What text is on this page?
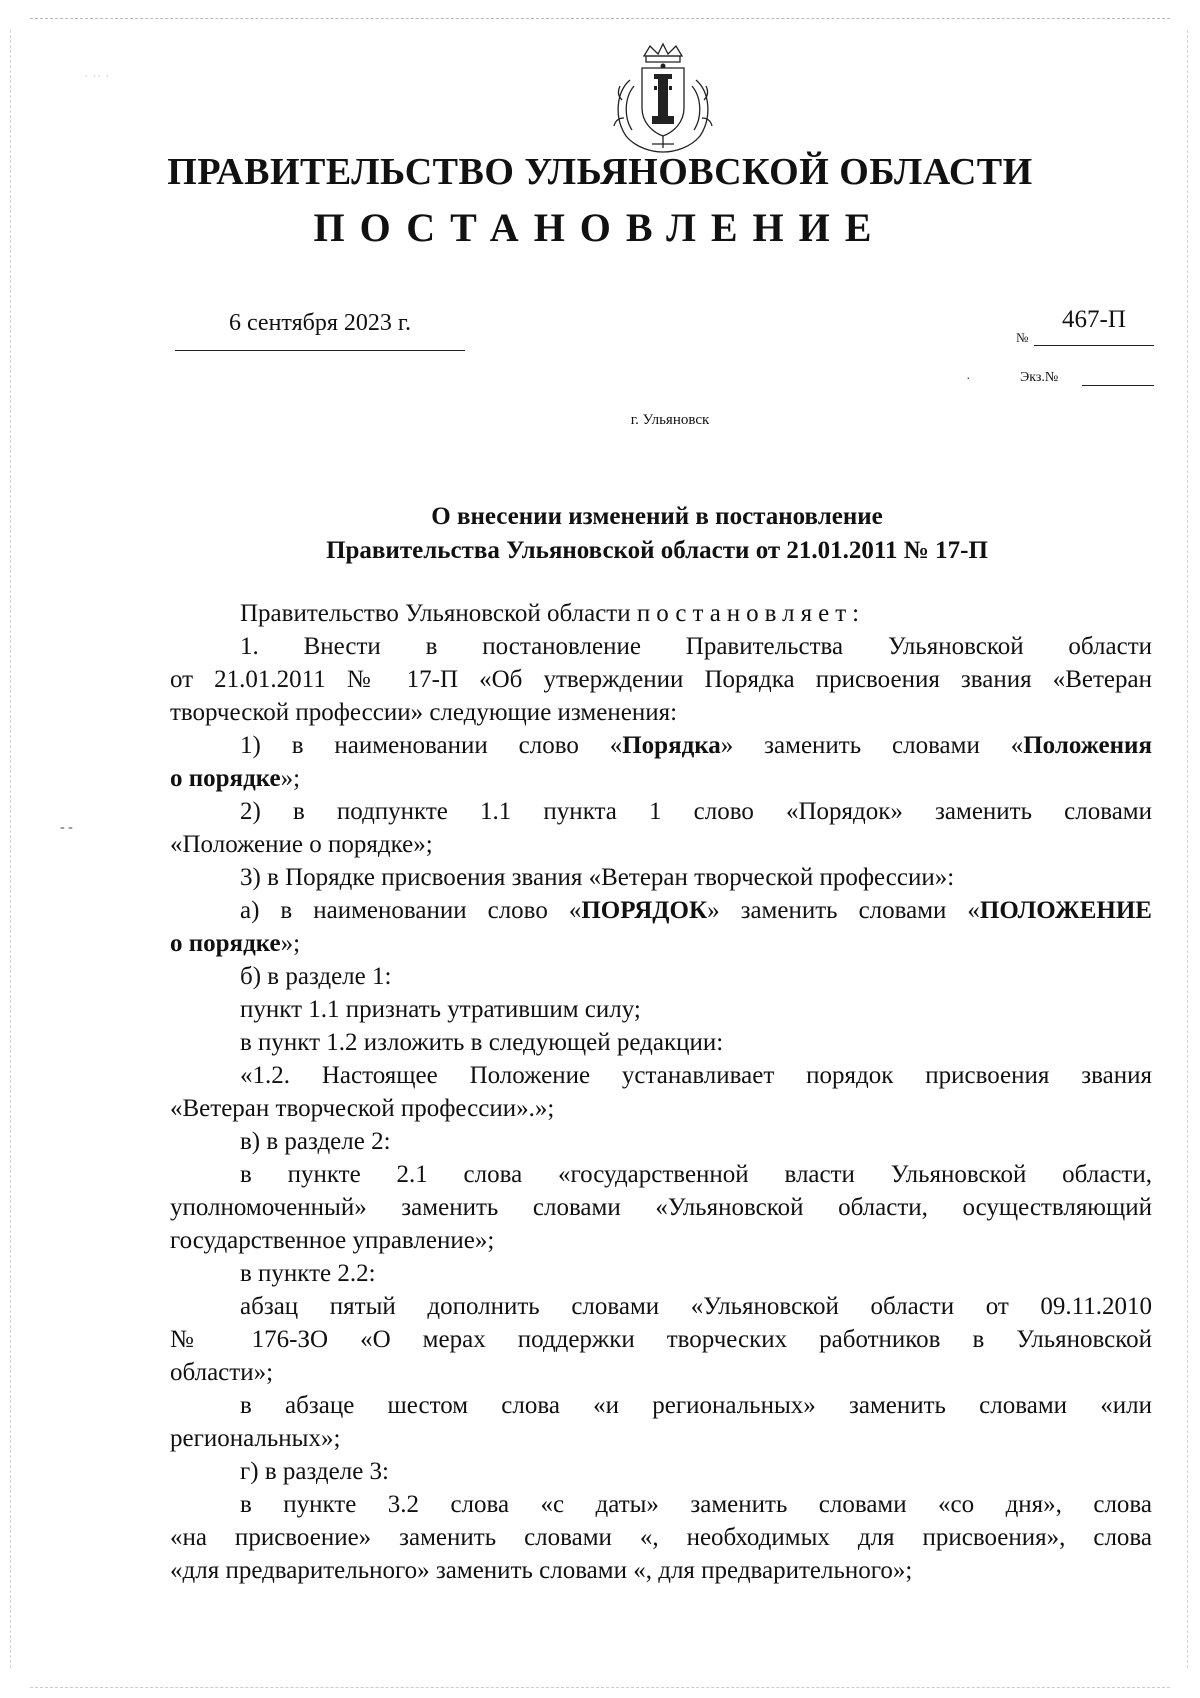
ПРАВИТЕЛЬСТВО УЛЬЯНОВСКОЙ ОБЛАСТИ
ПОСТАНОВЛЕНИЕ
6 сентября 2023 г.
№
467-П
Экз.№
г. Ульяновск
О внесении изменений в постановление
Правительства Ульяновской области от 21.01.2011 № 17-П

Правительство Ульяновской области постановляет:

1. Внести в постановление Правительства Ульяновской области

от 21.01.2011 № 17-П «Об утверждении Порядка присвоения звания «Ветеран

творческой профессии» следующие изменения:

1) в наименовании слово «Порядка» заменить словами «Положения

о порядке»;

2) в подпункте 1.1 пункта 1 слово «Порядок» заменить словами

«Положение о порядке»;

3) в Порядке присвоения звания «Ветеран творческой профессии»:

а) в наименовании слово «ПОРЯДОК» заменить словами «ПОЛОЖЕНИЕ

о порядке»;

б) в разделе 1:

пункт 1.1 признать утратившим силу;

в пункт 1.2 изложить в следующей редакции:

«1.2. Настоящее Положение устанавливает порядок присвоения звания

«Ветеран творческой профессии».»;

в) в разделе 2:

в пункте 2.1 слова «государственной власти Ульяновской области,

уполномоченный» заменить словами «Ульяновской области, осуществляющий

государственное управление»;

в пункте 2.2:

абзац пятый дополнить словами «Ульяновской области от 09.11.2010

№ 176-ЗО «О мерах поддержки творческих работников в Ульяновской

области»;

в абзаце шестом слова «и региональных» заменить словами «или

региональных»;

г) в разделе 3:

в пункте 3.2 слова «с даты» заменить словами «со дня», слова

«на присвоение» заменить словами «, необходимых для присвоения», слова

«для предварительного» заменить словами «, для предварительного»;

- -
·
· ·· ·
